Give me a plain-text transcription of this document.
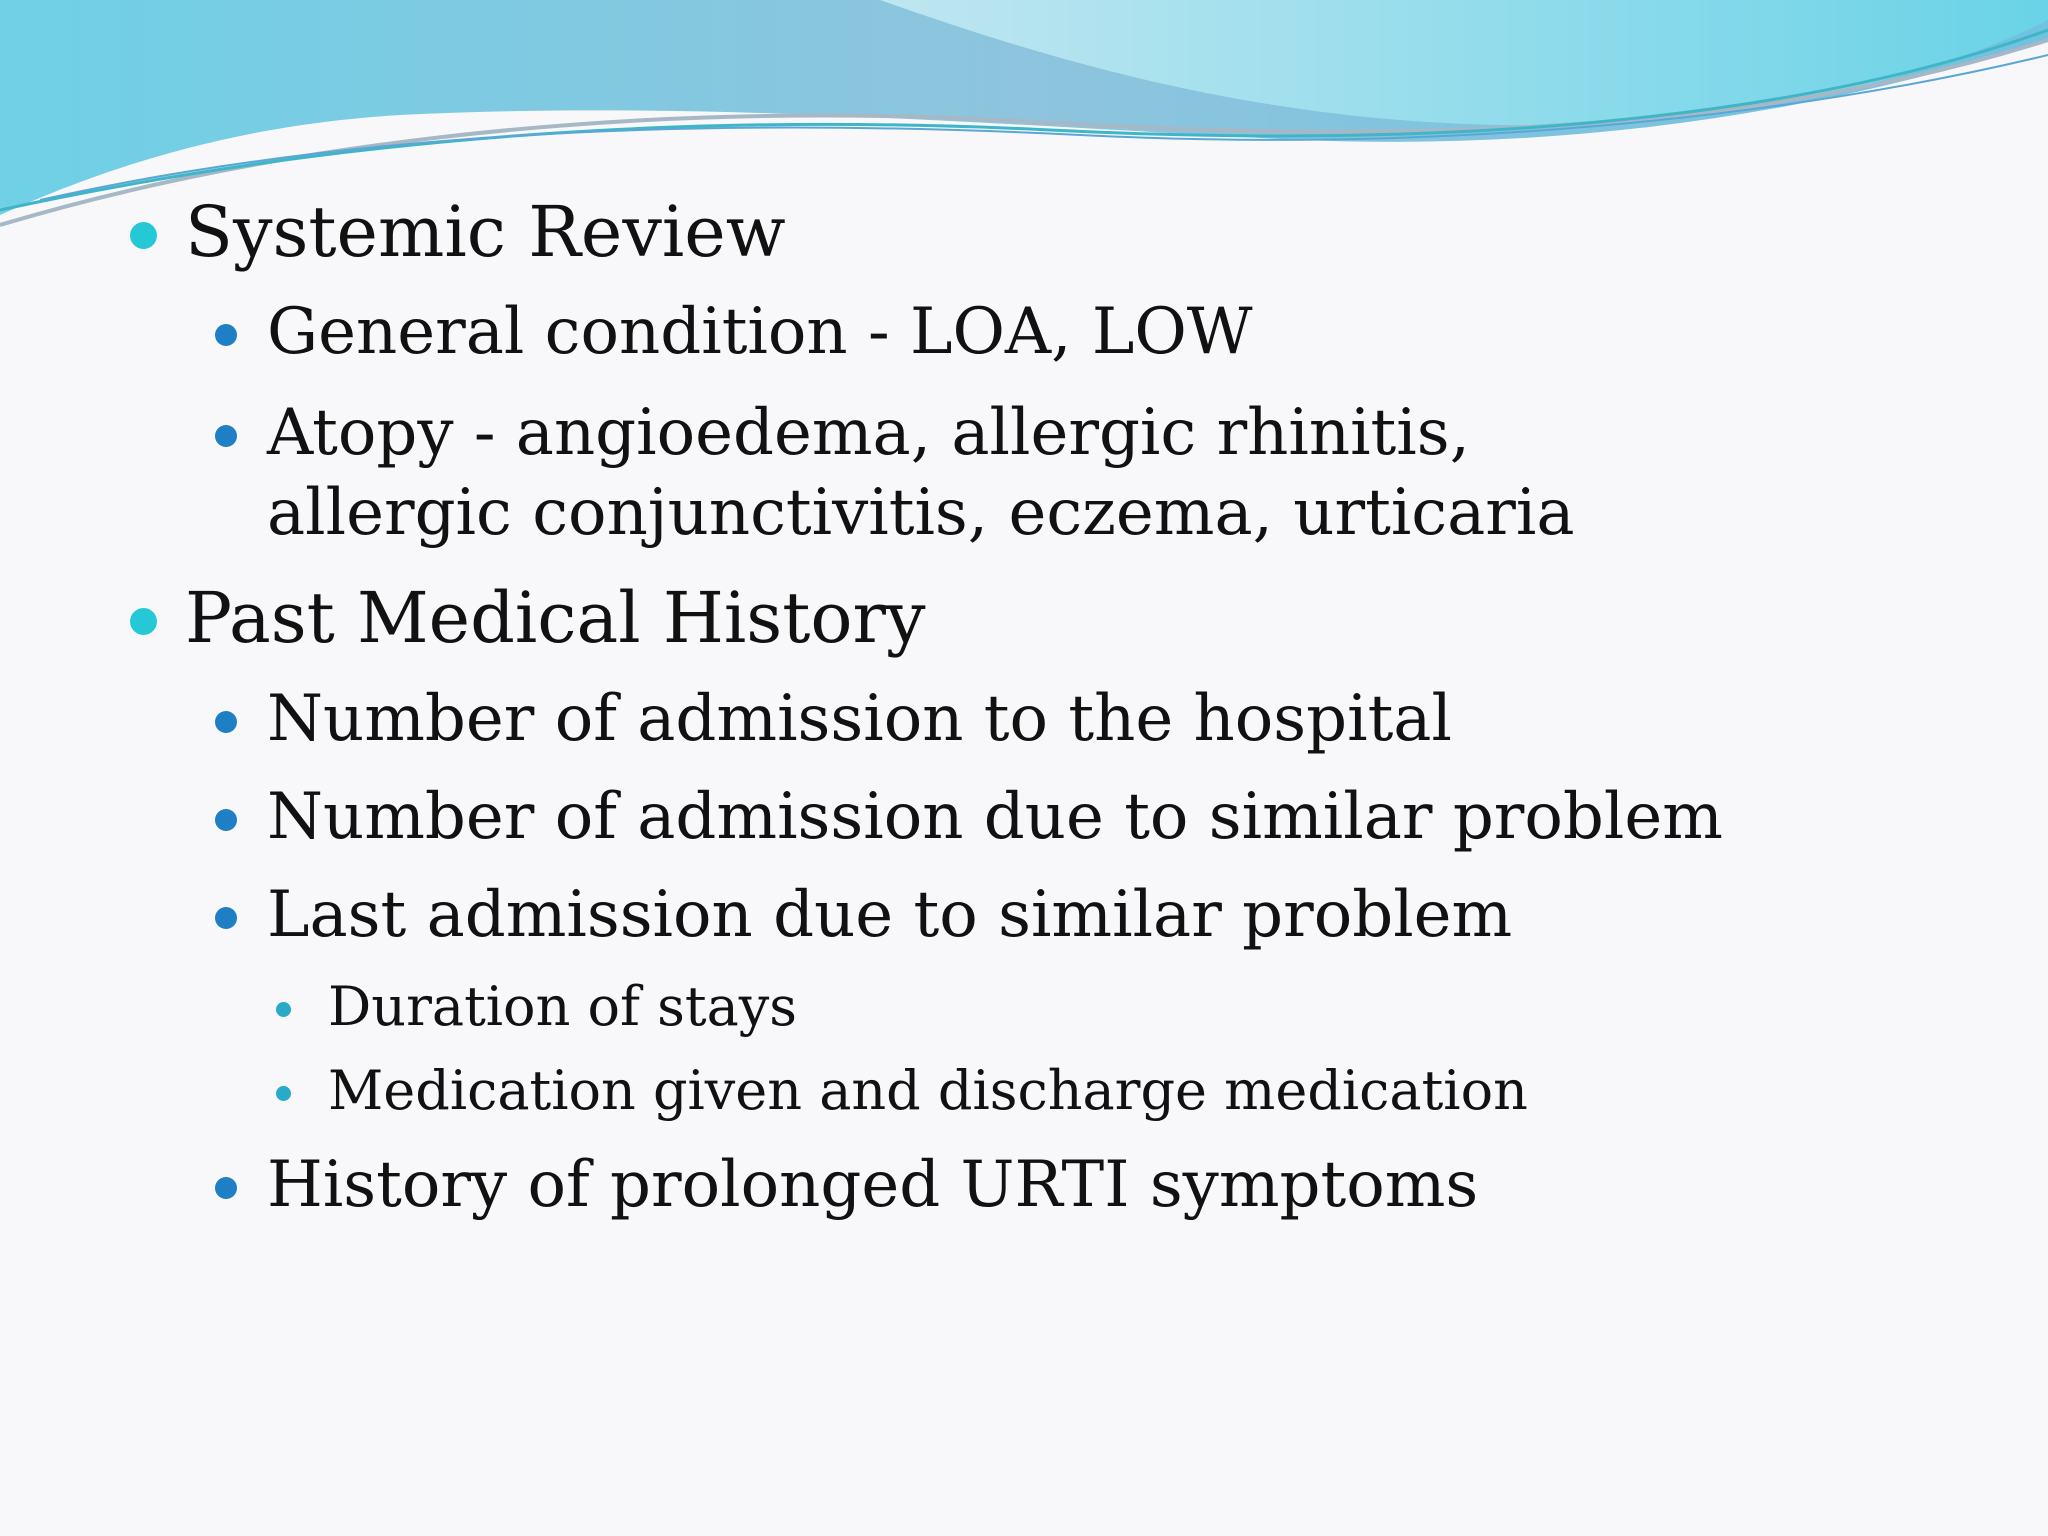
Systemic Review
General condition - LOA, LOW
Atopy - angioedema, allergic rhinitis, allergic conjunctivitis, eczema, urticaria
Past Medical History
Number of admission to the hospital
Number of admission due to similar problem
Last admission due to similar problem
Duration of stays
Medication given and discharge medication
History of prolonged URTI symptoms
